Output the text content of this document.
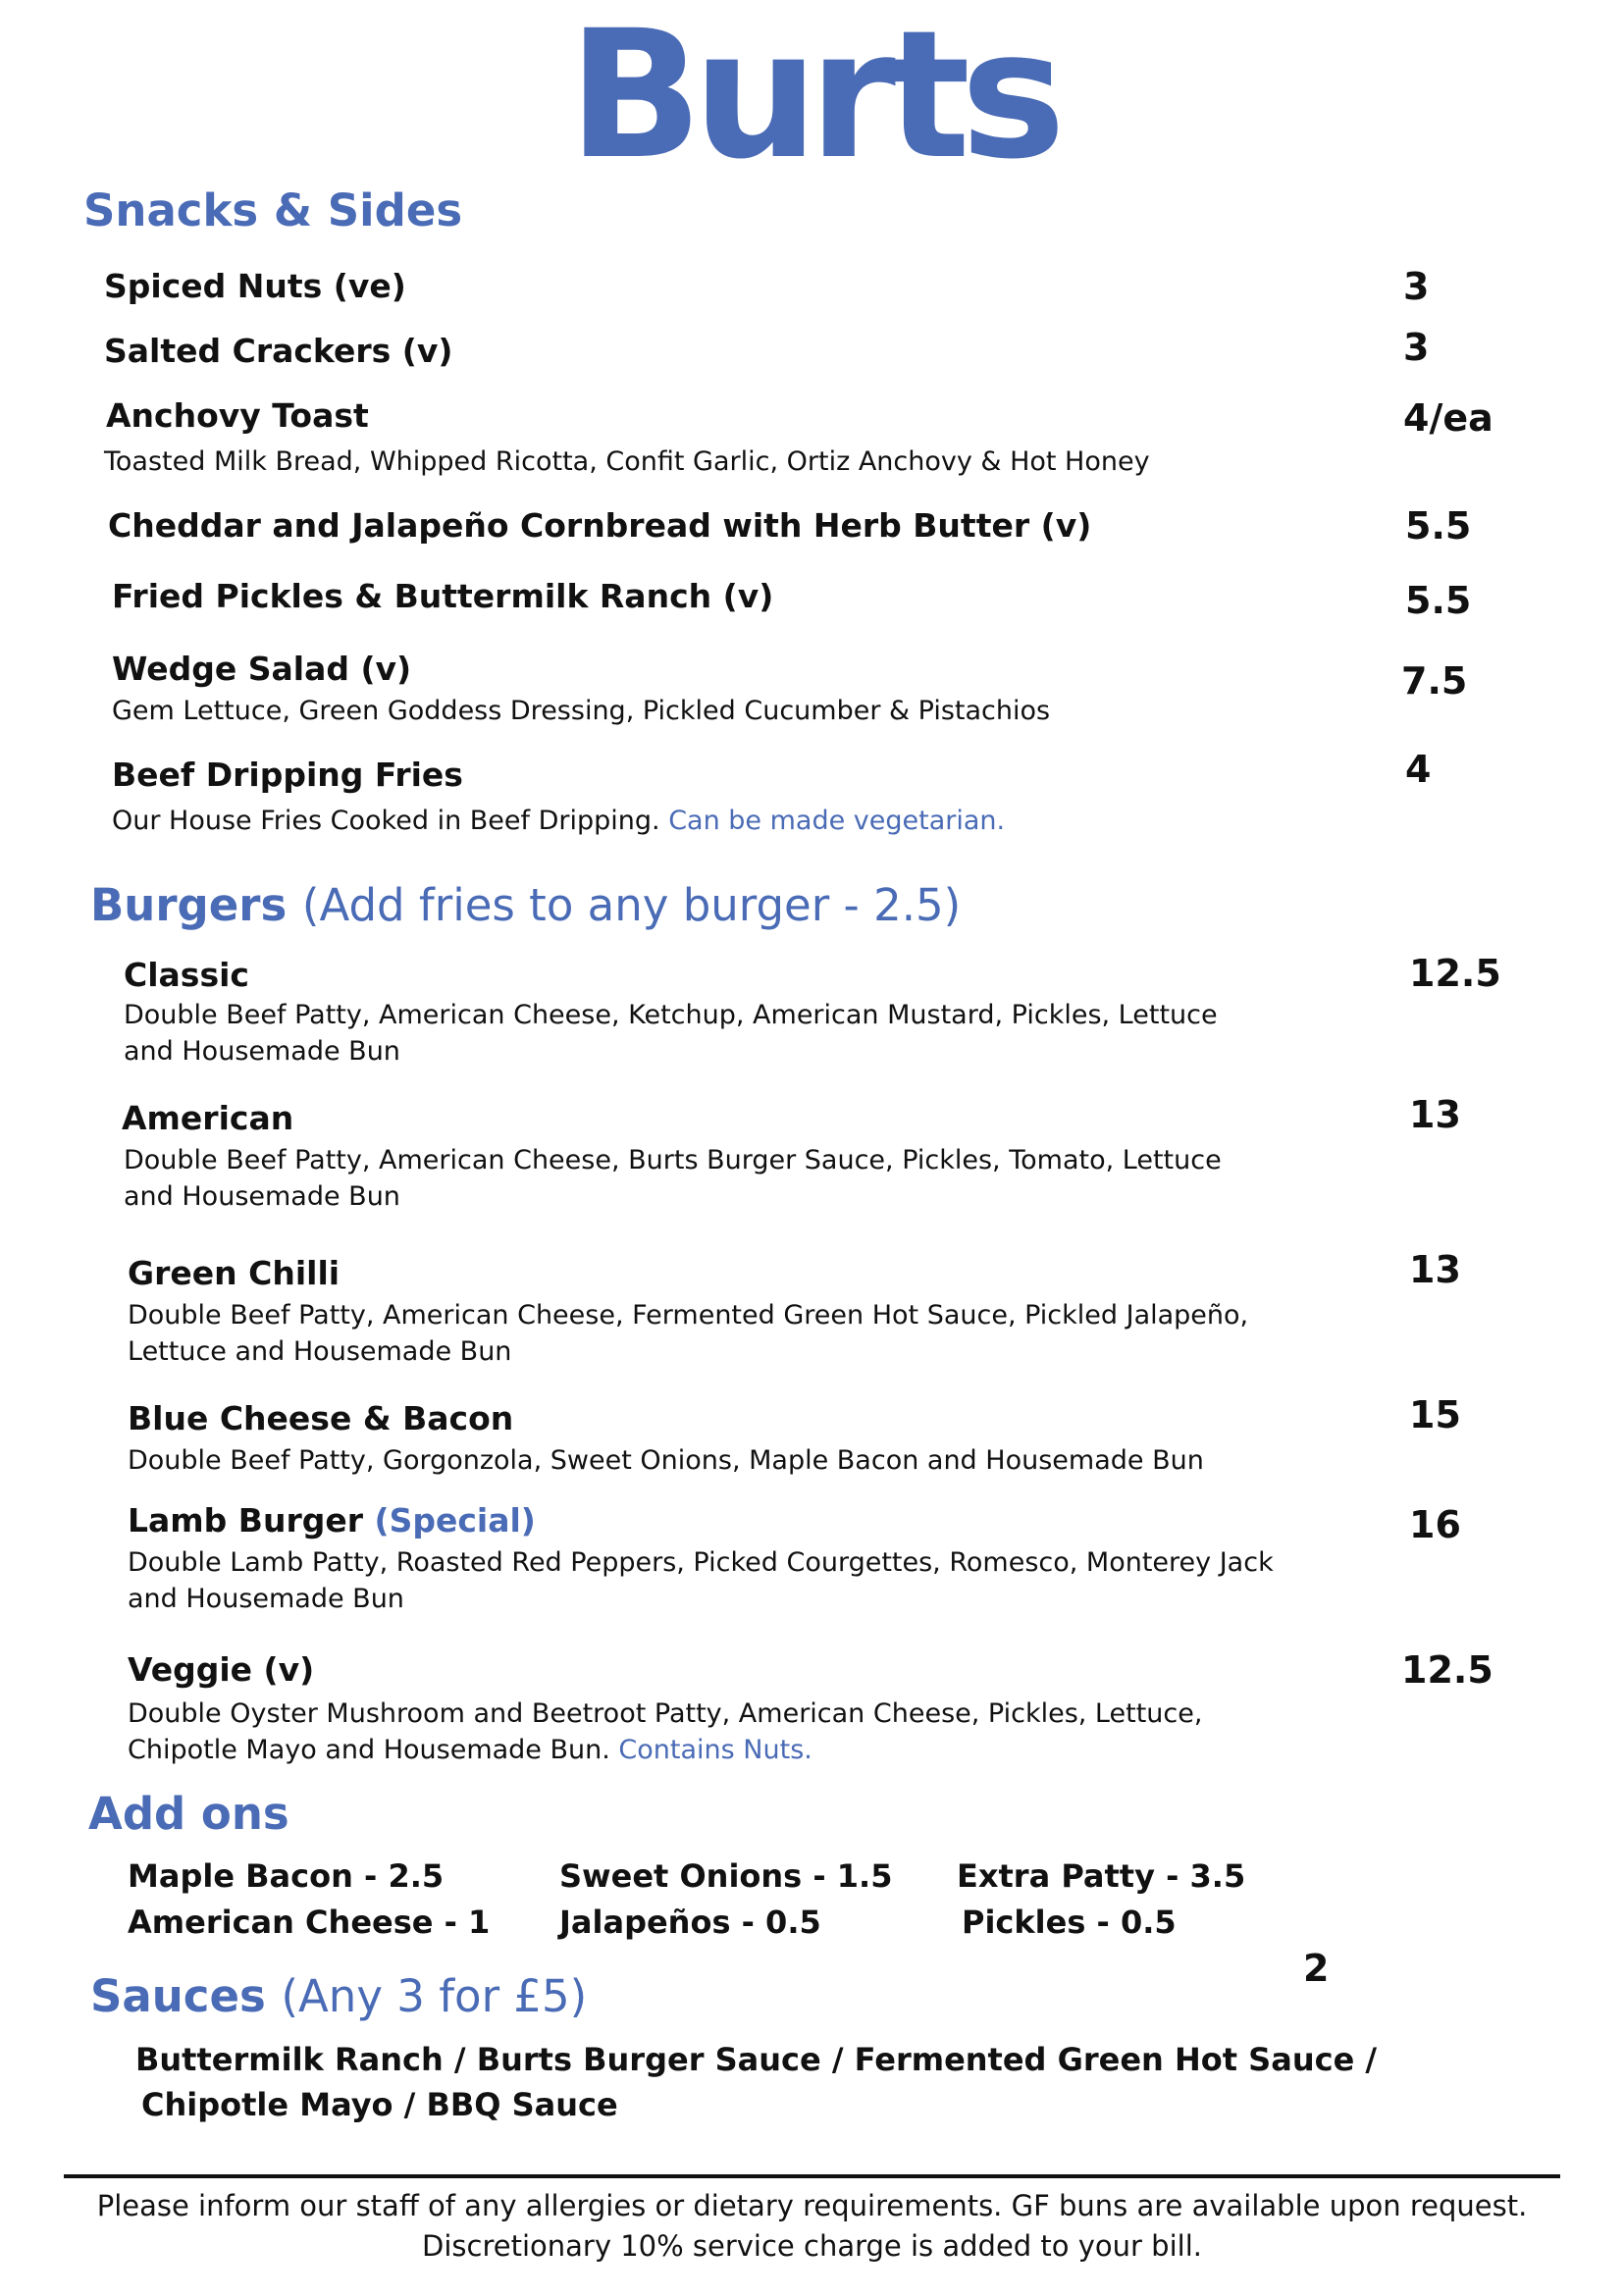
Burts
Snacks & Sides
Spiced Nuts (ve)	3
Salted Crackers (v)	3
Anchovy Toast	4/ea
Toasted Milk Bread, Whipped Ricotta, Confit Garlic, Ortiz Anchovy & Hot Honey
Cheddar and Jalapeño Cornbread with Herb Butter (v)	5.5
Fried Pickles & Buttermilk Ranch (v)	5.5
Wedge Salad (v)	7.5
Gem Lettuce, Green Goddess Dressing, Pickled Cucumber & Pistachios
Beef Dripping Fries	4
Our House Fries Cooked in Beef Dripping. Can be made vegetarian.
Burgers (Add fries to any burger - 2.5)
Classic	12.5
Double Beef Patty, American Cheese, Ketchup, American Mustard, Pickles, Lettuce
and Housemade Bun
American	13
Double Beef Patty, American Cheese, Burts Burger Sauce, Pickles, Tomato, Lettuce
and Housemade Bun
Green Chilli	13
Double Beef Patty, American Cheese, Fermented Green Hot Sauce, Pickled Jalapeño,
Lettuce and Housemade Bun
Blue Cheese & Bacon	15
Double Beef Patty, Gorgonzola, Sweet Onions, Maple Bacon and Housemade Bun
Lamb Burger (Special)	16
Double Lamb Patty, Roasted Red Peppers, Picked Courgettes, Romesco, Monterey Jack
and Housemade Bun
Veggie (v)	12.5
Double Oyster Mushroom and Beetroot Patty, American Cheese, Pickles, Lettuce,
Chipotle Mayo and Housemade Bun. Contains Nuts.
Add ons
Maple Bacon - 2.5	Sweet Onions - 1.5 Extra Patty - 3.5
American Cheese - 1 Jalapeños - 0.5	Pickles - 0.5
Sauces (Any 3 for £5)
2
Buttermilk Ranch / Burts Burger Sauce / Fermented Green Hot Sauce /
Chipotle Mayo / BBQ Sauce
Please inform our staff of any allergies or dietary requirements. GF buns are available upon request.
Discretionary 10% service charge is added to your bill.
